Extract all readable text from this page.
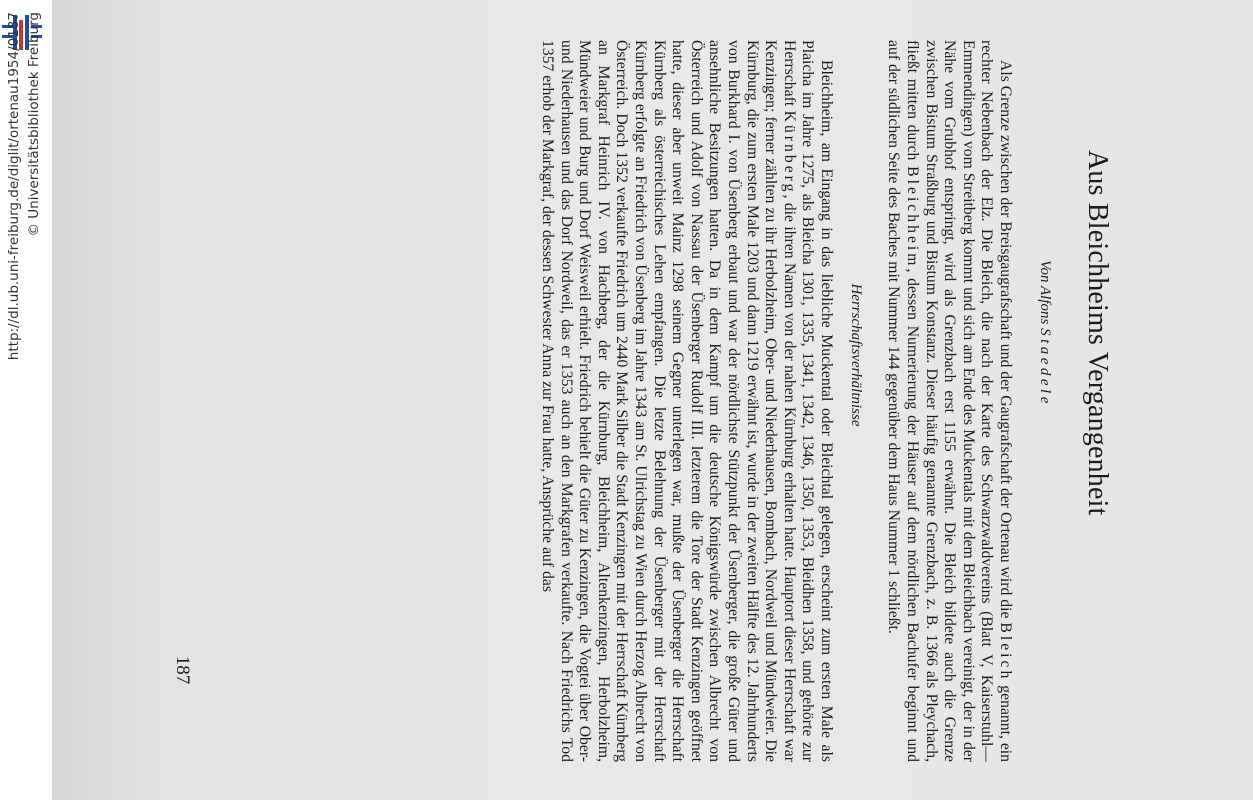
http://dl.ub.uni-freiburg.de/diglit/ortenau1954/0187 © Universitätsbibliothek Freiburg
Aus Bleichheims Vergangenheit
Von Alfons Staedele

Als Grenze zwischen der Breisgaugrafschaft und der Gaugrafschaft der Ortenau wird die Bleich genannt, ein rechter Nebenbach der Elz. Die Bleich, die nach der Karte des Schwarzwaldvereins (Blatt V, Kaiserstuhl—Emmendingen) vom Streitberg kommt und sich am Ende des Muckentals mit dem Bleichbach vereinigt, der in der Nähe vom Grubhof entspringt, wird als Grenzbach erst 1155 erwähnt. Die Bleich bildete auch die Grenze zwischen Bistum Straßburg und Bistum Konstanz. Dieser häufig genannte Grenzbach, z. B. 1366 als Pleychach, fließt mitten durch Bleichheim, dessen Numerierung der Häuser auf dem nördlichen Bachufer beginnt und auf der südlichen Seite des Baches mit Nummer 144 gegenüber dem Haus Nummer 1 schließt.

Herrschaftsverhältnisse

Bleichheim, am Eingang in das liebliche Muckental oder Bleichtal gelegen, erscheint zum ersten Male als Plaicha im Jahre 1275, als Bleicha 1301, 1335, 1341, 1342, 1346, 1350, 1353, Bleidhen 1358, und gehörte zur Herrschaft Kürnberg, die ihren Namen von der nahen Kürnburg erhalten hatte. Hauptort dieser Herrschaft war Kenzingen; ferner zählten zu ihr Herbolzheim, Ober- und Niederhausen, Bombach, Nordweil und Mündweier. Die Kürnburg, die zum ersten Male 1203 und dann 1219 erwähnt ist, wurde in der zweiten Hälfte des 12. Jahrhunderts von Burkhard I. von Üsenberg erbaut und war der nördlichste Stützpunkt der Üsenberger, die große Güter und ansehnliche Besitzungen hatten. Da in dem Kampf um die deutsche Königswürde zwischen Albrecht von Österreich und Adolf von Nassau der Üsenberger Rudolf III. letzterem die Tore der Stadt Kenzingen geöffnet hatte, dieser aber unweit Mainz 1298 seinem Gegner unterlegen war, mußte der Üsenberger die Herrschaft Kürnberg als österreichisches Lehen empfangen. Die letzte Belehnung der Üsenberger mit der Herrschaft Kürnberg erfolgte an Friedrich von Üsenberg im Jahre 1343 am St. Ulrichstag zu Wien durch Herzog Albrecht von Österreich. Doch 1352 verkaufte Friedrich um 2440 Mark Silber die Stadt Kenzingen mit der Herrschaft Kürnberg an Markgraf Heinrich IV. von Hachberg, der die Kürnburg, Bleichheim, Altenkenzingen, Herbolzheim, Mündweier und Burg und Dorf Weisweil erhielt. Friedrich behielt die Güter zu Kenzingen, die Vogtei über Ober- und Niederhausen und das Dorf Nordweil, das er 1353 auch an den Markgrafen verkaufte. Nach Friedrichs Tod 1357 erhob der Markgraf, der dessen Schwester Anna zur Frau hatte, Ansprüche auf das

187
